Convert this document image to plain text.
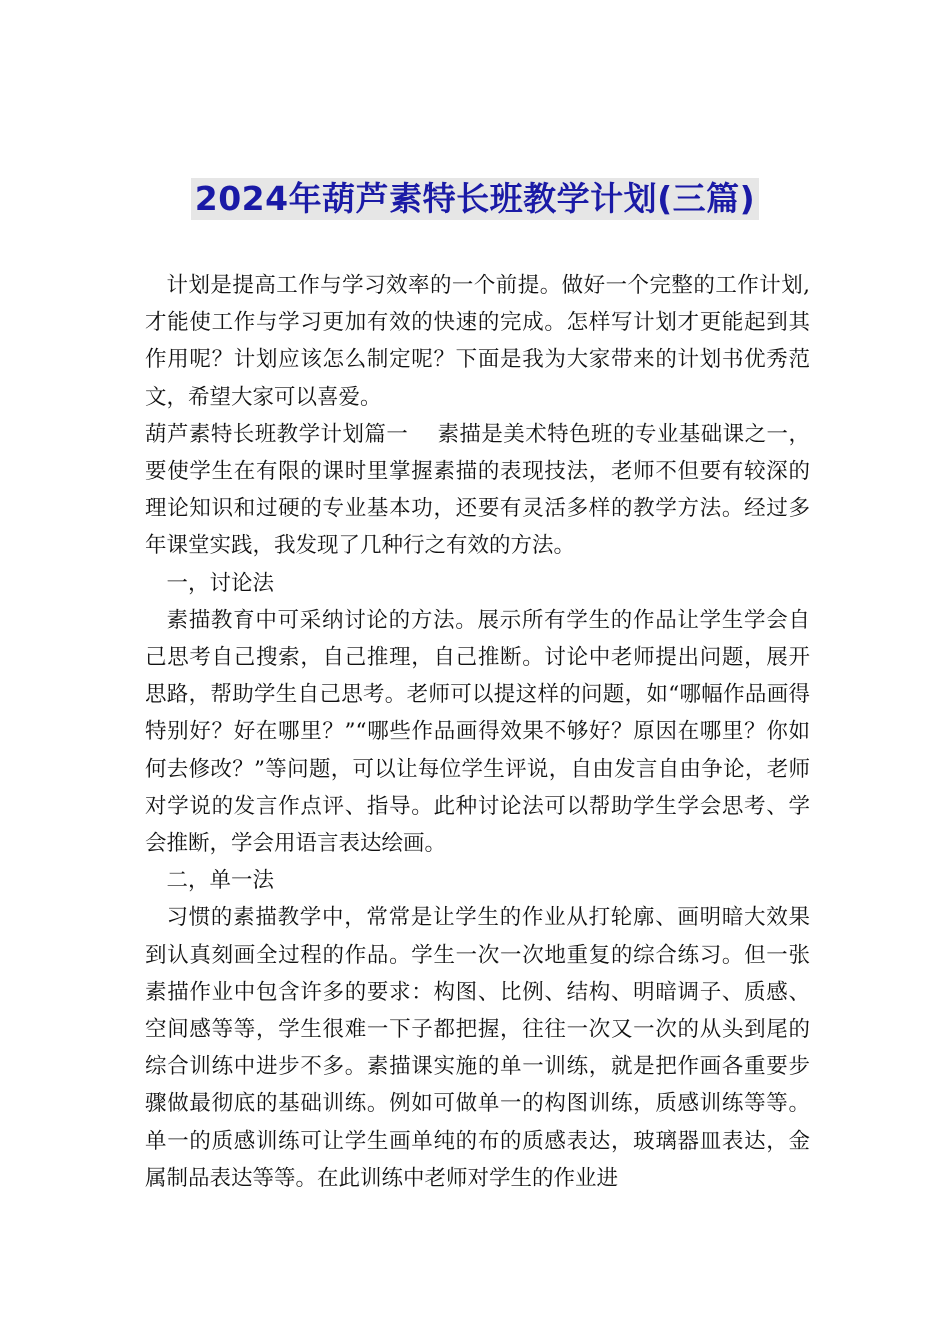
2024年葫芦素特长班教学计划(三篇)

计划是提高工作与学习效率的一个前提。做好一个完整的工作计划,才能使工作与学习更加有效的快速的完成。怎样写计划才更能起到其作用呢？计划应该怎么制定呢？下面是我为大家带来的计划书优秀范文，希望大家可以喜爱。

葫芦素特长班教学计划篇一　 素描是美术特色班的专业基础课之一，要使学生在有限的课时里掌握素描的表现技法，老师不但要有较深的理论知识和过硬的专业基本功，还要有灵活多样的教学方法。经过多年课堂实践，我发现了几种行之有效的方法。

一，讨论法

素描教育中可采纳讨论的方法。展示所有学生的作品让学生学会自己思考自己搜索，自己推理，自己推断。讨论中老师提出问题，展开思路，帮助学生自己思考。老师可以提这样的问题，如“哪幅作品画得特别好？好在哪里？”“哪些作品画得效果不够好？原因在哪里？你如何去修改？”等问题，可以让每位学生评说，自由发言自由争论，老师对学说的发言作点评、指导。此种讨论法可以帮助学生学会思考、学会推断，学会用语言表达绘画。

二，单一法

习惯的素描教学中，常常是让学生的作业从打轮廓、画明暗大效果到认真刻画全过程的作品。学生一次一次地重复的综合练习。但一张素描作业中包含许多的要求：构图、比例、结构、明暗调子、质感、空间感等等，学生很难一下子都把握，往往一次又一次的从头到尾的综合训练中进步不多。素描课实施的单一训练，就是把作画各重要步骤做最彻底的基础训练。例如可做单一的构图训练，质感训练等等。单一的质感训练可让学生画单纯的布的质感表达，玻璃器皿表达，金属制品表达等等。在此训练中老师对学生的作业进
